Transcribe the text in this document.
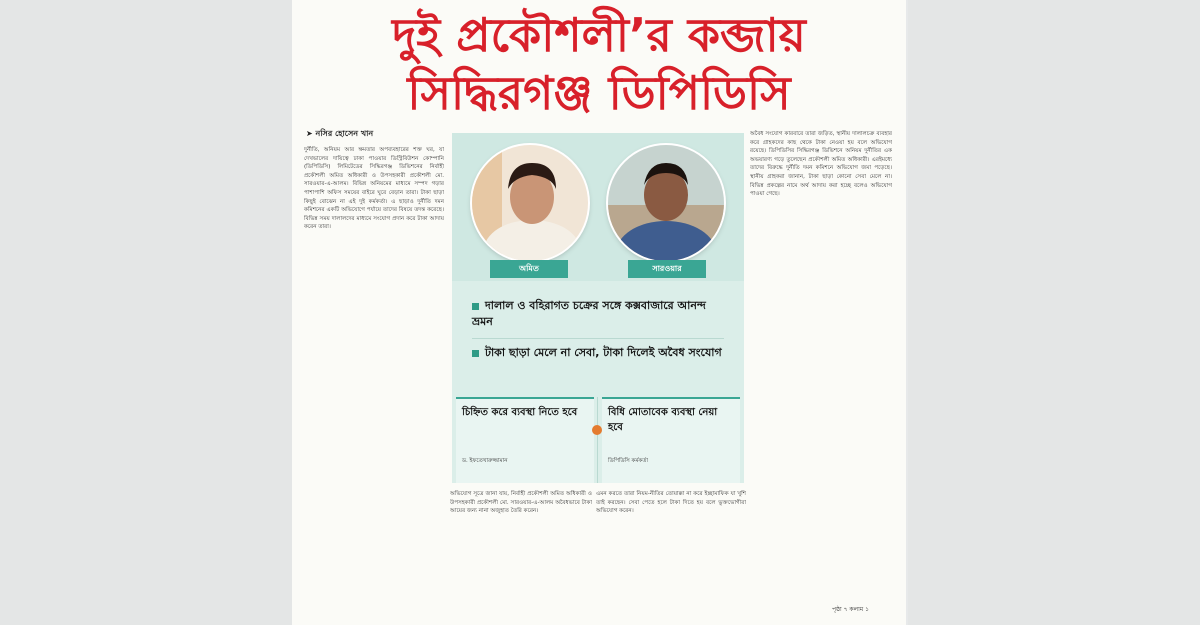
দুই প্রকৌশলী’র কব্জায়
সিদ্ধিরগঞ্জ ডিপিডিসি
➤ নসির হোসেন খান
দুর্নীতি, অনিয়ম আর ক্ষমতার অপব্যবহারের শক্ত ঘর, যা দেখভালের দায়িত্বে ঢাকা পাওয়ার ডিস্ট্রিবিউশন কোম্পানি (ডিপিডিসি) লিমিটেডের সিদ্ধিরগঞ্জ ডিভিশনের নির্বাহী প্রকৌশলী অমিত অধিকারী ও উপসহকারী প্রকৌশলী মো. সারওয়ার-এ-আলম। বিভিন্ন অনিয়মের মাধ্যমে সম্পদ গড়ার পাশাপাশি অফিস সময়ের বাইরে ঘুরে বেড়ান তারা। টাকা ছাড়া কিছুই বোঝেন না এই দুই কর্মকর্তা। এ ছাড়াও দুর্নীতি দমন কমিশনের একটি অভিযোগে পর্যায়ে তাদের বিষয়ে তদন্ত করেছে। বিভিন্ন সময় দালালদের মাধ্যমে সংযোগ প্রদান করে টাকা আদায় করেন তারা।
অমিত	সারওয়ার
দালাল ও বহিরাগত চক্রের সঙ্গে কক্সবাজারে আনন্দ ভ্রমন
টাকা ছাড়া মেলে না সেবা, টাকা দিলেই অবৈধ সংযোগ
চিহ্নিত করে ব্যবস্থা নিতে হবে
ড. ইফতেখারুজ্জামান
বিধি মোতাবেক ব্যবস্থা নেয়া হবে
ডিপিডিসি কর্মকর্তা
অভিযোগ সূত্রে জানা যায়, নির্বাহী প্রকৌশলী অমিত অধিকারী ও উপসহকারী প্রকৌশলী মো. সারওয়ার-এ-আলম অবৈধভাবে টাকা আয়ের জন্য নানা অজুহাত তৈরি করেন।
এমন করতে তারা নিয়ম-নীতির তোয়াক্কা না করে ইচ্ছামাফিক যা খুশি তাই করছেন। সেবা পেতে হলে টাকা দিতে হয় বলে ভুক্তভোগীরা অভিযোগ করেন।
অবৈধ সংযোগ কারবারে তারা জড়িত, স্থানীয় দালালচক্র ব্যবহার করে গ্রাহকদের কাছ থেকে টাকা নেওয়া হয় বলে অভিযোগ রয়েছে। ডিপিডিসির সিদ্ধিরগঞ্জ ডিভিশনে অনিয়ম দুর্নীতির এক অভয়ারণ্য গড়ে তুলেছেন প্রকৌশলী অমিত অধিকারী। এরইমধ্যে তাদের বিরুদ্ধে দুর্নীতি দমন কমিশনে অভিযোগ জমা পড়েছে। স্থানীয় গ্রাহকরা জানান, টাকা ছাড়া কোনো সেবা মেলে না। বিভিন্ন প্রকল্পের নামে অর্থ আদায় করা হচ্ছে বলেও অভিযোগ পাওয়া গেছে।
পৃষ্ঠা ৭ কলাম ১
